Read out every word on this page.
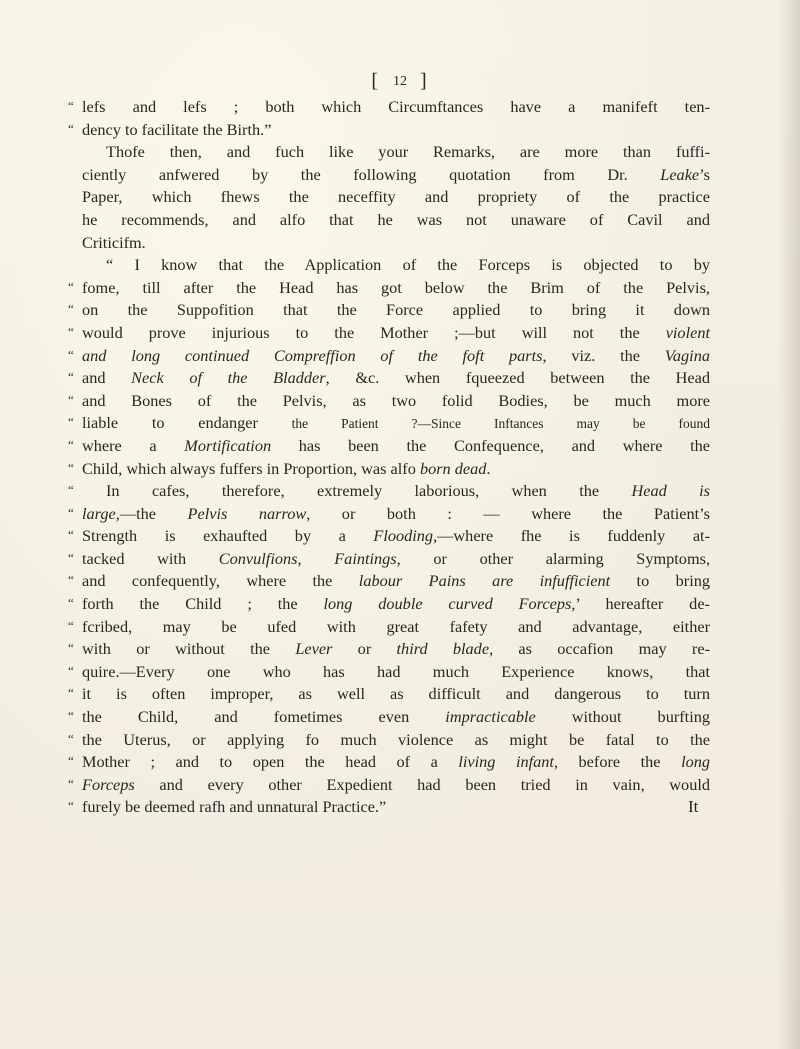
[ 12 ]
“ lefs and lefs ; both which Circumftances have a manifeft ten-
“ dency to facilitate the Birth.”
Thofe then, and fuch like your Remarks, are more than fuffi-
ciently anfwered by the following quotation from Dr. Leake’s
Paper, which fhews the neceffity and propriety of the practice
he recommends, and alfo that he was not unaware of Cavil and
Criticifm.
“ I know that the Application of the Forceps is objected to by
“ fome, till after the Head has got below the Brim of the Pelvis,
“ on the Suppofition that the Force applied to bring it down
“ would prove injurious to the Mother ;—but will not the violent
“ and long continued Compreffion of the foft parts, viz. the Vagina
“ and Neck of the Bladder, &c. when fqueezed between the Head
“ and Bones of the Pelvis, as two folid Bodies, be much more
“ liable to endanger the Patient ?—Since Inftances may be found
“ where a Mortification has been the Confequence, and where the
“ Child, which always fuffers in Proportion, was alfo born dead.
“ In cafes, therefore, extremely laborious, when the Head is
“ large,—the Pelvis narrow, or both : — where the Patient’s
“ Strength is exhaufted by a Flooding,—where fhe is fuddenly at-
“ tacked with Convulfions, Faintings, or other alarming Symptoms,
“ and confequently, where the labour Pains are infufficient to bring
“ forth the Child ; the long double curved Forceps,’ hereafter de-
“ fcribed, may be ufed with great fafety and advantage, either
“ with or without the Lever or third blade, as occafion may re-
“ quire.—Every one who has had much Experience knows, that
“ it is often improper, as well as difficult and dangerous to turn
“ the Child, and fometimes even impracticable without burfting
“ the Uterus, or applying fo much violence as might be fatal to the
“ Mother ; and to open the head of a living infant, before the long
“ Forceps and every other Expedient had been tried in vain, would
“ furely be deemed rafh and unnatural Practice.”	It
